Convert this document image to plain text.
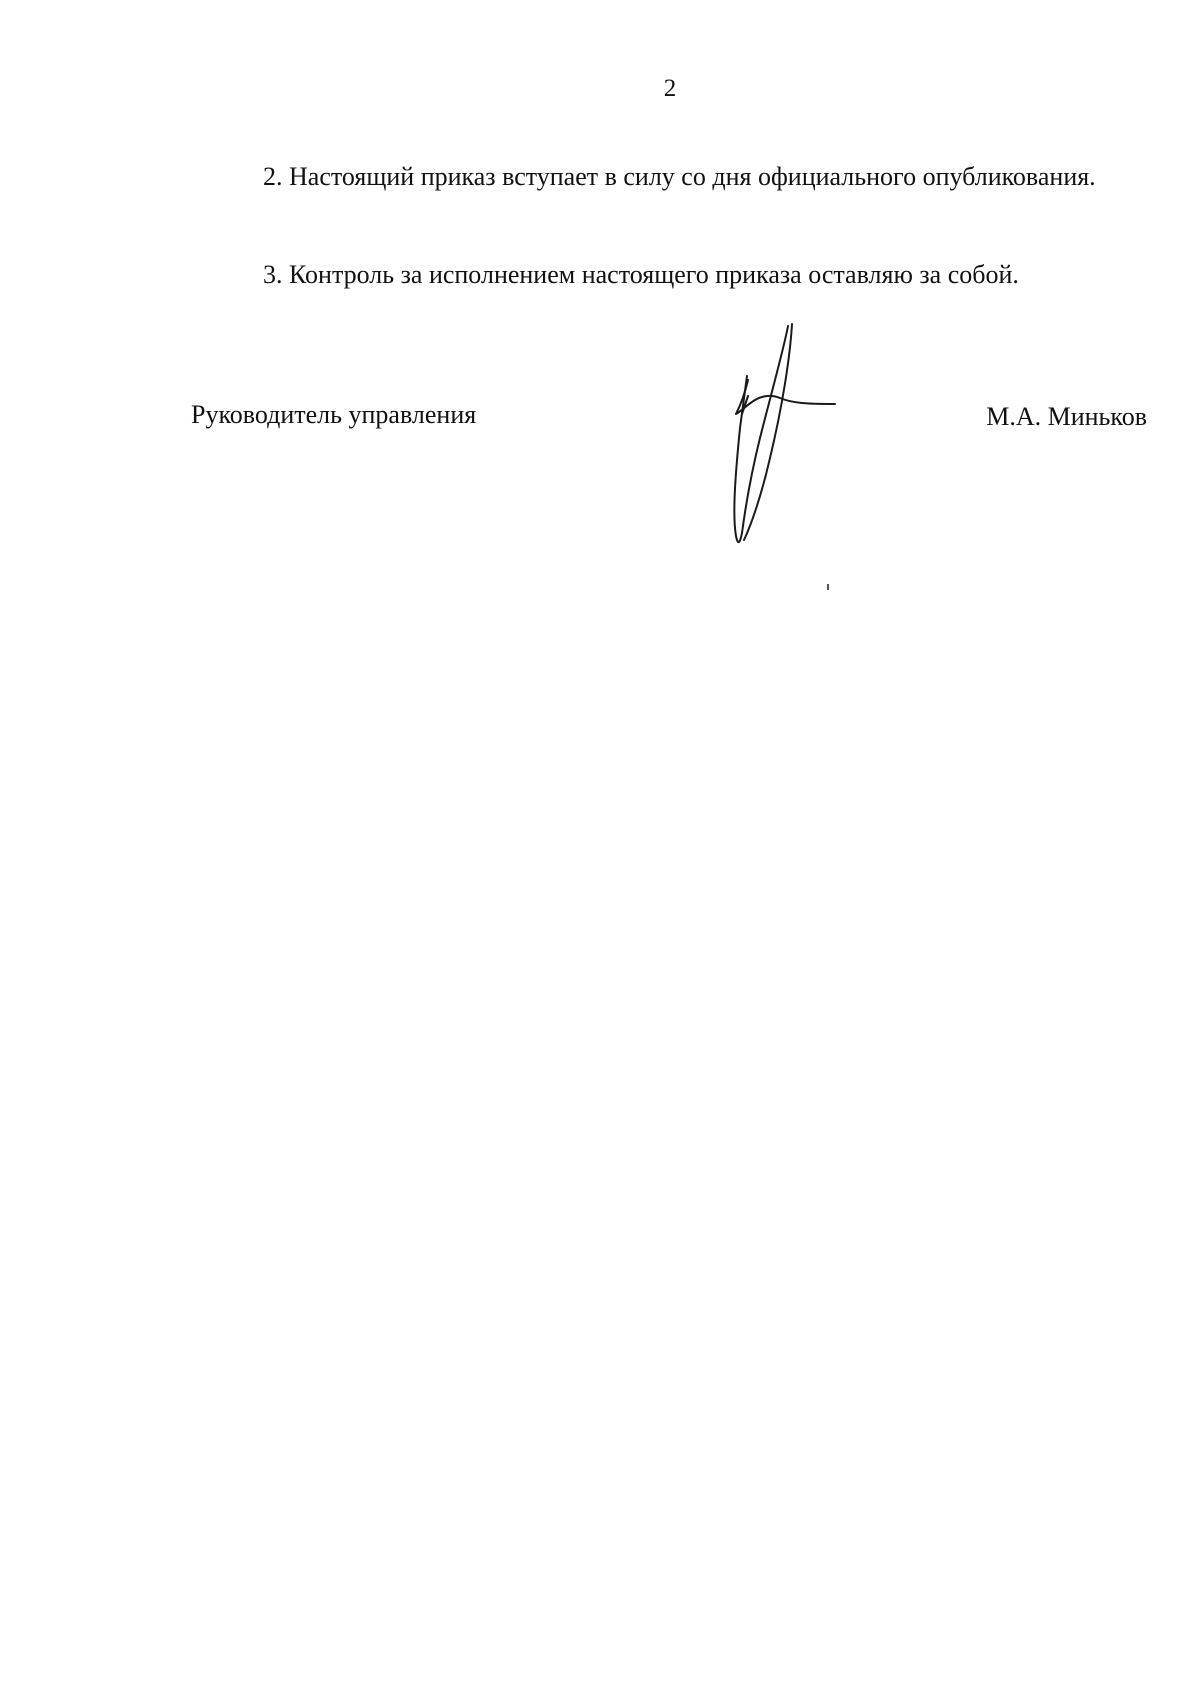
2

2. Настоящий приказ вступает в силу со дня официального опубликования.

3. Контроль за исполнением настоящего приказа оставляю за собой.

Руководитель управления	М.А. Миньков
